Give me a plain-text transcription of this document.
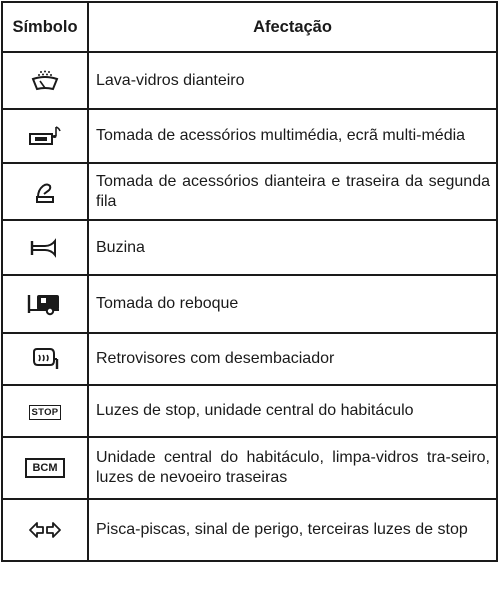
Símbolo	Afectação
	Lava-vidros dianteiro
	Tomada de acessórios multimédia, ecrã multi-média
	Tomada de acessórios dianteira e traseira da segunda fila
	Buzina
	Tomada do reboque
	Retrovisores com desembaciador
STOP	Luzes de stop, unidade central do habitáculo
BCM	Unidade central do habitáculo, limpa-vidros tra-seiro, luzes de nevoeiro traseiras
	Pisca-piscas, sinal de perigo, terceiras luzes de stop
